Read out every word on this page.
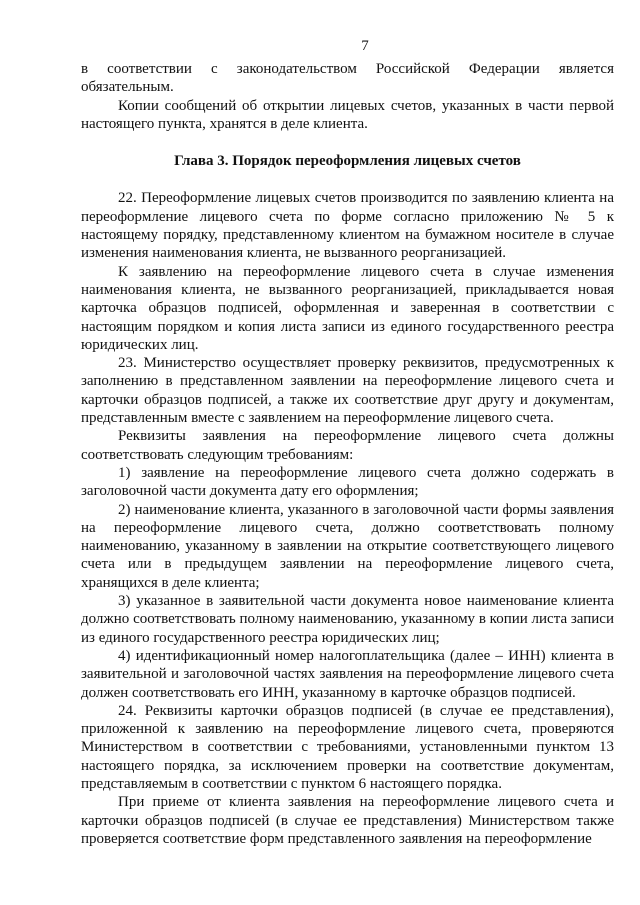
7

в соответствии с законодательством Российской Федерации является обязательным.

Копии сообщений об открытии лицевых счетов, указанных в части первой настоящего пункта, хранятся в деле клиента.

Глава 3. Порядок переоформления лицевых счетов

22. Переоформление лицевых счетов производится по заявлению клиента на переоформление лицевого счета по форме согласно приложению № 5 к настоящему порядку, представленному клиентом на бумажном носителе в случае изменения наименования клиента, не вызванного реорганизацией.

К заявлению на переоформление лицевого счета в случае изменения наименования клиента, не вызванного реорганизацией, прикладывается новая карточка образцов подписей, оформленная и заверенная в соответствии с настоящим порядком и копия листа записи из единого государственного реестра юридических лиц.

23. Министерство осуществляет проверку реквизитов, предусмотренных к заполнению в представленном заявлении на переоформление лицевого счета и карточки образцов подписей, а также их соответствие друг другу и документам, представленным вместе с заявлением на переоформление лицевого счета.

Реквизиты заявления на переоформление лицевого счета должны соответствовать следующим требованиям:

1) заявление на переоформление лицевого счета должно содержать в заголовочной части документа дату его оформления;

2) наименование клиента, указанного в заголовочной части формы заявления на переоформление лицевого счета, должно соответствовать полному наименованию, указанному в заявлении на открытие соответствующего лицевого счета или в предыдущем заявлении на переоформление лицевого счета, хранящихся в деле клиента;

3) указанное в заявительной части документа новое наименование клиента должно соответствовать полному наименованию, указанному в копии листа записи из единого государственного реестра юридических лиц;

4) идентификационный номер налогоплательщика (далее – ИНН) клиента в заявительной и заголовочной частях заявления на переоформление лицевого счета должен соответствовать его ИНН, указанному в карточке образцов подписей.

24. Реквизиты карточки образцов подписей (в случае ее представления), приложенной к заявлению на переоформление лицевого счета, проверяются Министерством в соответствии с требованиями, установленными пунктом 13 настоящего порядка, за исключением проверки на соответствие документам, представляемым в соответствии с пунктом 6 настоящего порядка.

При приеме от клиента заявления на переоформление лицевого счета и карточки образцов подписей (в случае ее представления) Министерством также проверяется соответствие форм представленного заявления на переоформление
